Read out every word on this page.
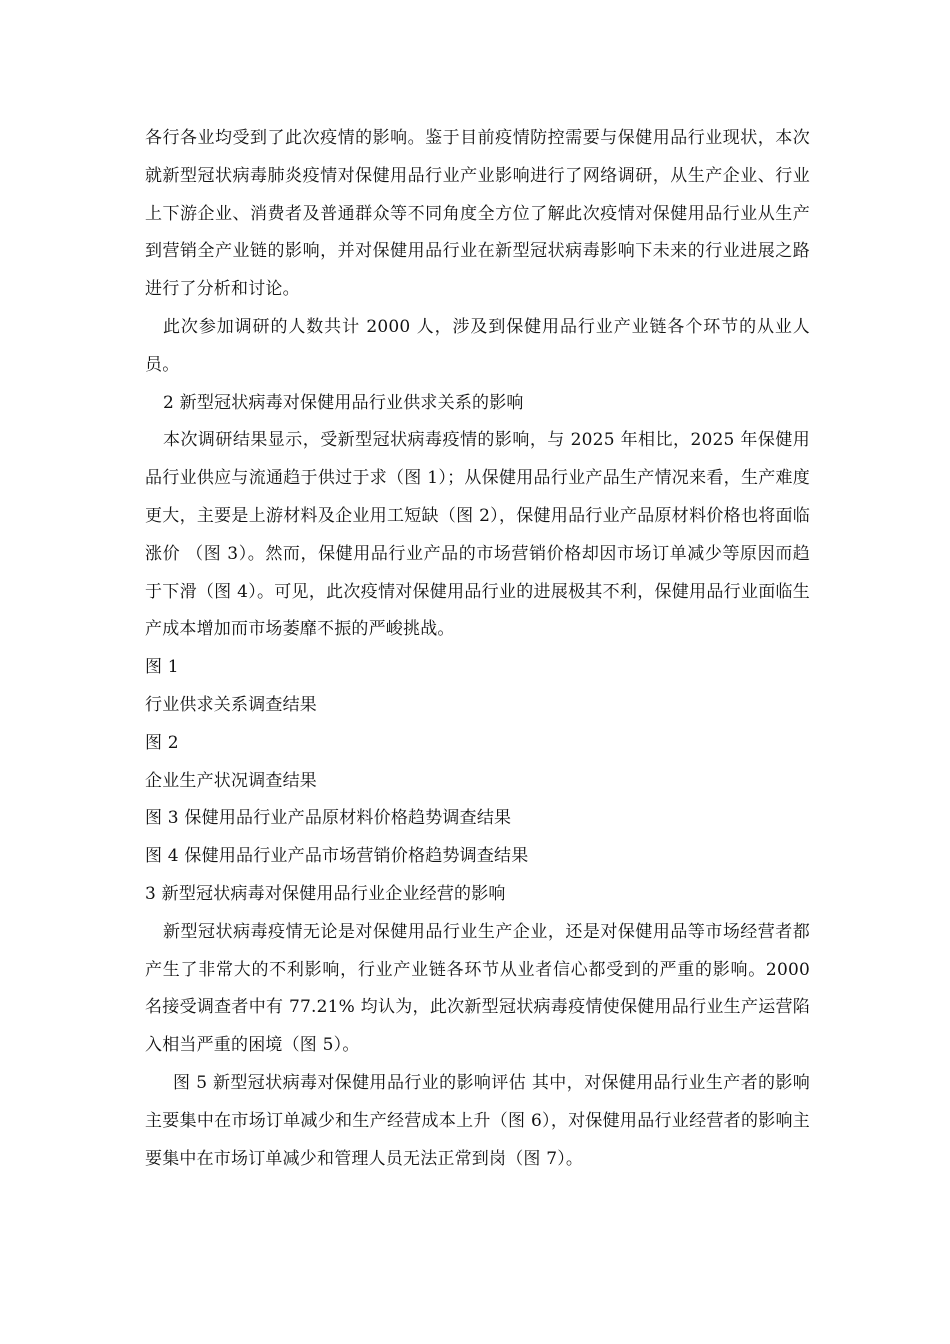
各行各业均受到了此次疫情的影响。鉴于目前疫情防控需要与保健用品行业现状，本次就新型冠状病毒肺炎疫情对保健用品行业产业影响进行了网络调研，从生产企业、行业上下游企业、消费者及普通群众等不同角度全方位了解此次疫情对保健用品行业从生产到营销全产业链的影响，并对保健用品行业在新型冠状病毒影响下未来的行业进展之路进行了分析和讨论。

此次参加调研的人数共计 2000 人，涉及到保健用品行业产业链各个环节的从业人员。

2 新型冠状病毒对保健用品行业供求关系的影响

本次调研结果显示，受新型冠状病毒疫情的影响，与 2025 年相比，2025 年保健用品行业供应与流通趋于供过于求（图 1）；从保健用品行业产品生产情况来看，生产难度更大，主要是上游材料及企业用工短缺（图 2），保健用品行业产品原材料价格也将面临涨价 （图 3）。然而，保健用品行业产品的市场营销价格却因市场订单减少等原因而趋于下滑（图 4）。可见，此次疫情对保健用品行业的进展极其不利，保健用品行业面临生产成本增加而市场萎靡不振的严峻挑战。

图 1

行业供求关系调查结果

图 2

企业生产状况调查结果

图 3 保健用品行业产品原材料价格趋势调查结果

图 4 保健用品行业产品市场营销价格趋势调查结果

3 新型冠状病毒对保健用品行业企业经营的影响

新型冠状病毒疫情无论是对保健用品行业生产企业，还是对保健用品等市场经营者都产生了非常大的不利影响，行业产业链各环节从业者信心都受到的严重的影响。2000 名接受调查者中有 77.21% 均认为，此次新型冠状病毒疫情使保健用品行业生产运营陷入相当严重的困境（图 5）。

图 5 新型冠状病毒对保健用品行业的影响评估 其中，对保健用品行业生产者的影响主要集中在市场订单减少和生产经营成本上升（图 6），对保健用品行业经营者的影响主要集中在市场订单减少和管理人员无法正常到岗（图 7）。
